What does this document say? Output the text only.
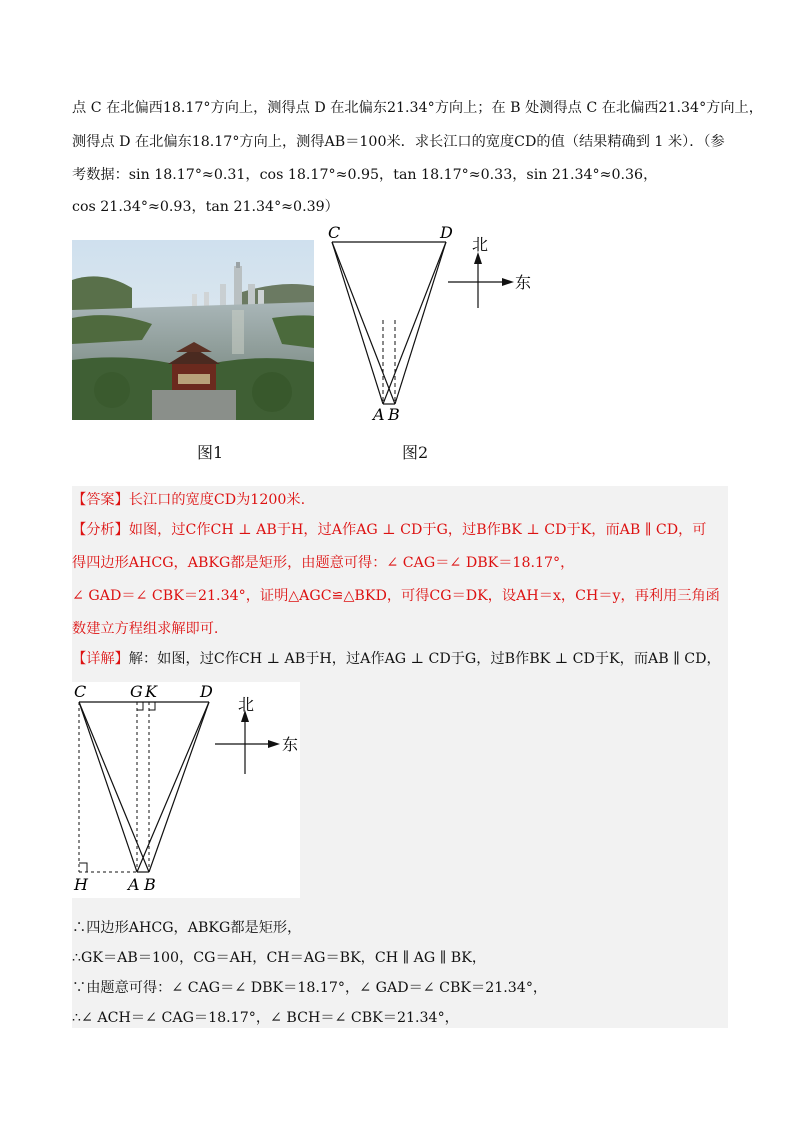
点 C 在北偏西18.17°方向上，测得点 D 在北偏东21.34°方向上；在 B 处测得点 C 在北偏西21.34°方向上，
测得点 D 在北偏东18.17°方向上，测得AB＝100米．求长江口的宽度CD的值（结果精确到 1 米）．（参
考数据：sin 18.17°≈0.31，cos 18.17°≈0.95，tan 18.17°≈0.33，sin 21.34°≈0.36，
cos 21.34°≈0.93，tan 21.34°≈0.39）
图1
C	D
A B
北
东
图2
【答案】长江口的宽度CD为1200米.
【分析】如图，过C作CH ⊥ AB于H，过A作AG ⊥ CD于G，过B作BK ⊥ CD于K，而AB ∥ CD，可
得四边形AHCG，ABKG都是矩形，由题意可得：∠ CAG＝∠ DBK＝18.17°，
∠ GAD＝∠ CBK＝21.34°，证明△AGC≌△BKD，可得CG＝DK，设AH＝x，CH＝y，再利用三角函
数建立方程组求解即可.
【详解】解：如图，过C作CH ⊥ AB于H，过A作AG ⊥ CD于G，过B作BK ⊥ CD于K，而AB ∥ CD，
C	G K	D
H	A B
北
东
∴四边形AHCG，ABKG都是矩形，
∴GK＝AB＝100，CG＝AH，CH＝AG＝BK，CH ∥ AG ∥ BK，
∵由题意可得：∠ CAG＝∠ DBK＝18.17°，∠ GAD＝∠ CBK＝21.34°，
∴∠ ACH＝∠ CAG＝18.17°，∠ BCH＝∠ CBK＝21.34°，
